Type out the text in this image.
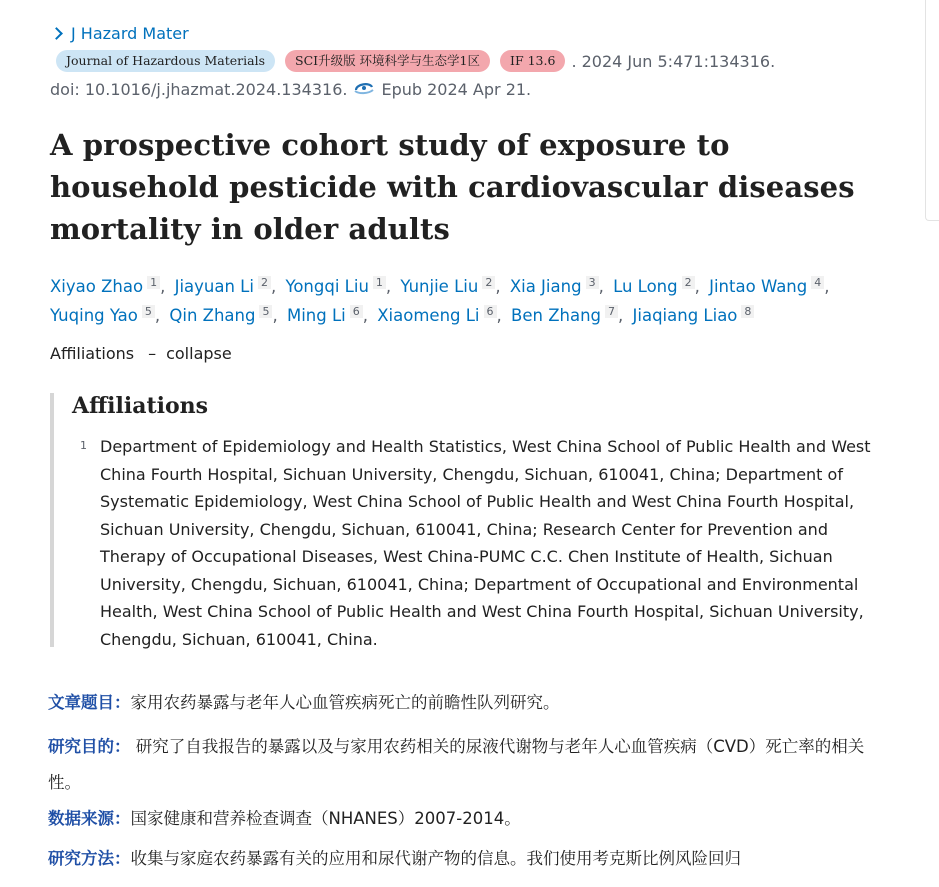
J Hazard Mater
Journal of Hazardous Materials	SCI升级版 环境科学与生态学1区	IF 13.6	. 2024 Jun 5:471:134316.
doi: 10.1016/j.jhazmat.2024.134316. Epub 2024 Apr 21.
A prospective cohort study of exposure to household pesticide with cardiovascular diseases mortality in older adults
Xiyao Zhao 1 , Jiayuan Li 2 , Yongqi Liu 1 , Yunjie Liu 2 , Xia Jiang 3 , Lu Long 2 , Jintao Wang 4 , Yuqing Yao 5 , Qin Zhang 5 , Ming Li 6 , Xiaomeng Li 6 , Ben Zhang 7 , Jiaqiang Liao 8
Affiliations – collapse
Affiliations
1 Department of Epidemiology and Health Statistics, West China School of Public Health and West China Fourth Hospital, Sichuan University, Chengdu, Sichuan, 610041, China; Department of Systematic Epidemiology, West China School of Public Health and West China Fourth Hospital, Sichuan University, Chengdu, Sichuan, 610041, China; Research Center for Prevention and Therapy of Occupational Diseases, West China-PUMC C.C. Chen Institute of Health, Sichuan University, Chengdu, Sichuan, 610041, China; Department of Occupational and Environmental Health, West China School of Public Health and West China Fourth Hospital, Sichuan University, Chengdu, Sichuan, 610041, China.

文章题目：家用农药暴露与老年人心血管疾病死亡的前瞻性队列研究。
研究目的： 研究了自我报告的暴露以及与家用农药相关的尿液代谢物与老年人心血管疾病（CVD）死亡率的相关性。
数据来源：国家健康和营养检查调查（NHANES）2007-2014。
研究方法：收集与家庭农药暴露有关的应用和尿代谢产物的信息。我们使用考克斯比例风险回归
